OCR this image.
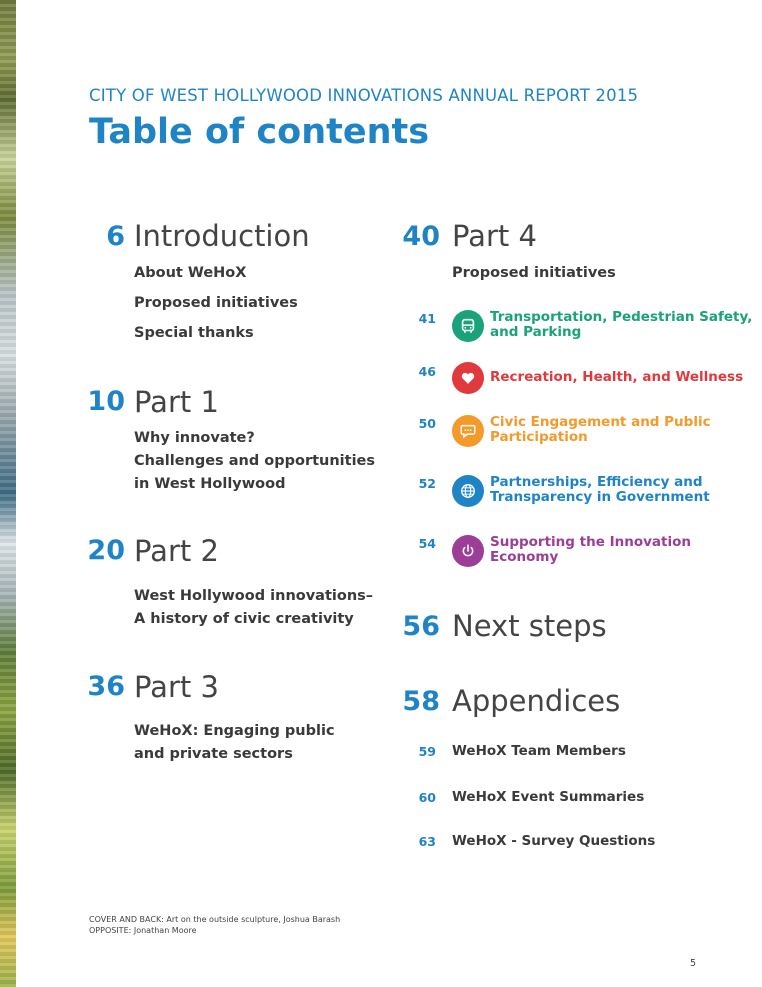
CITY OF WEST HOLLYWOOD INNOVATIONS ANNUAL REPORT 2015
Table of contents
6 Introduction
About WeHoX
Proposed initiatives
Special thanks
10 Part 1
Why innovate?
Challenges and opportunities
in West Hollywood
20 Part 2
West Hollywood innovations–
A history of civic creativity
36 Part 3
WeHoX: Engaging public
and private sectors
40 Part 4
Proposed initiatives
41	Transportation, Pedestrian Safety,
and Parking
46	Recreation, Health, and Wellness
50	Civic Engagement and Public
Participation
52	Partnerships, Efficiency and
Transparency in Government
54	Supporting the Innovation
Economy
56 Next steps
58 Appendices
59 WeHoX Team Members
60 WeHoX Event Summaries
63 WeHoX - Survey Questions
COVER AND BACK: Art on the outside sculpture, Joshua Barash
OPPOSITE: Jonathan Moore
5
